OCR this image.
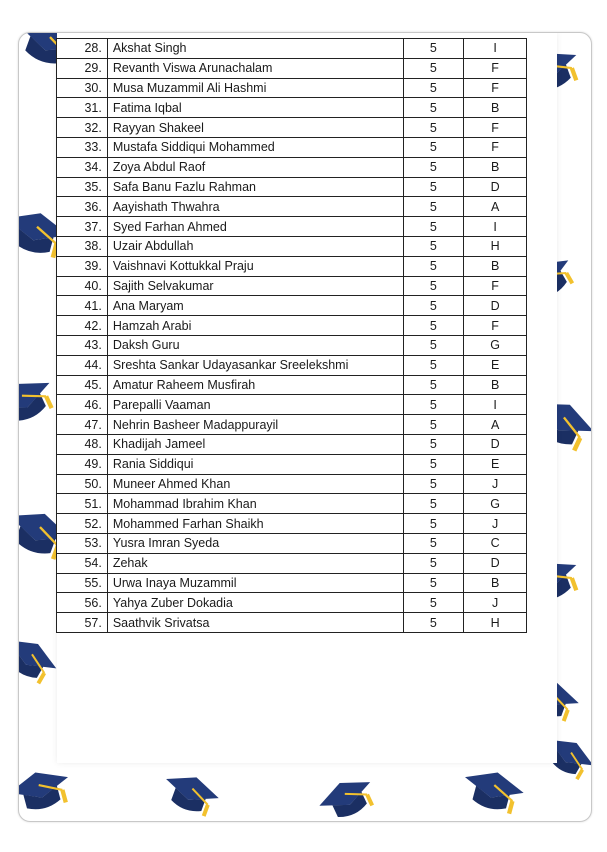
28.	Akshat Singh	5	I
29.	Revanth Viswa Arunachalam	5	F
30.	Musa Muzammil Ali Hashmi	5	F
31.	Fatima Iqbal	5	B
32.	Rayyan Shakeel	5	F
33.	Mustafa Siddiqui Mohammed	5	F
34.	Zoya Abdul Raof	5	B
35.	Safa Banu Fazlu Rahman	5	D
36.	Aayishath Thwahra	5	A
37.	Syed Farhan Ahmed	5	I
38.	Uzair Abdullah	5	H
39.	Vaishnavi Kottukkal Praju	5	B
40.	Sajith Selvakumar	5	F
41.	Ana Maryam	5	D
42.	Hamzah Arabi	5	F
43.	Daksh Guru	5	G
44.	Sreshta Sankar Udayasankar Sreelekshmi	5	E
45.	Amatur Raheem Musfirah	5	B
46.	Parepalli Vaaman	5	I
47.	Nehrin Basheer Madappurayil	5	A
48.	Khadijah Jameel	5	D
49.	Rania Siddiqui	5	E
50.	Muneer Ahmed Khan	5	J
51.	Mohammad Ibrahim Khan	5	G
52.	Mohammed Farhan Shaikh	5	J
53.	Yusra Imran Syeda	5	C
54.	Zehak	5	D
55.	Urwa Inaya Muzammil	5	B
56.	Yahya Zuber Dokadia	5	J
57.	Saathvik Srivatsa	5	H
